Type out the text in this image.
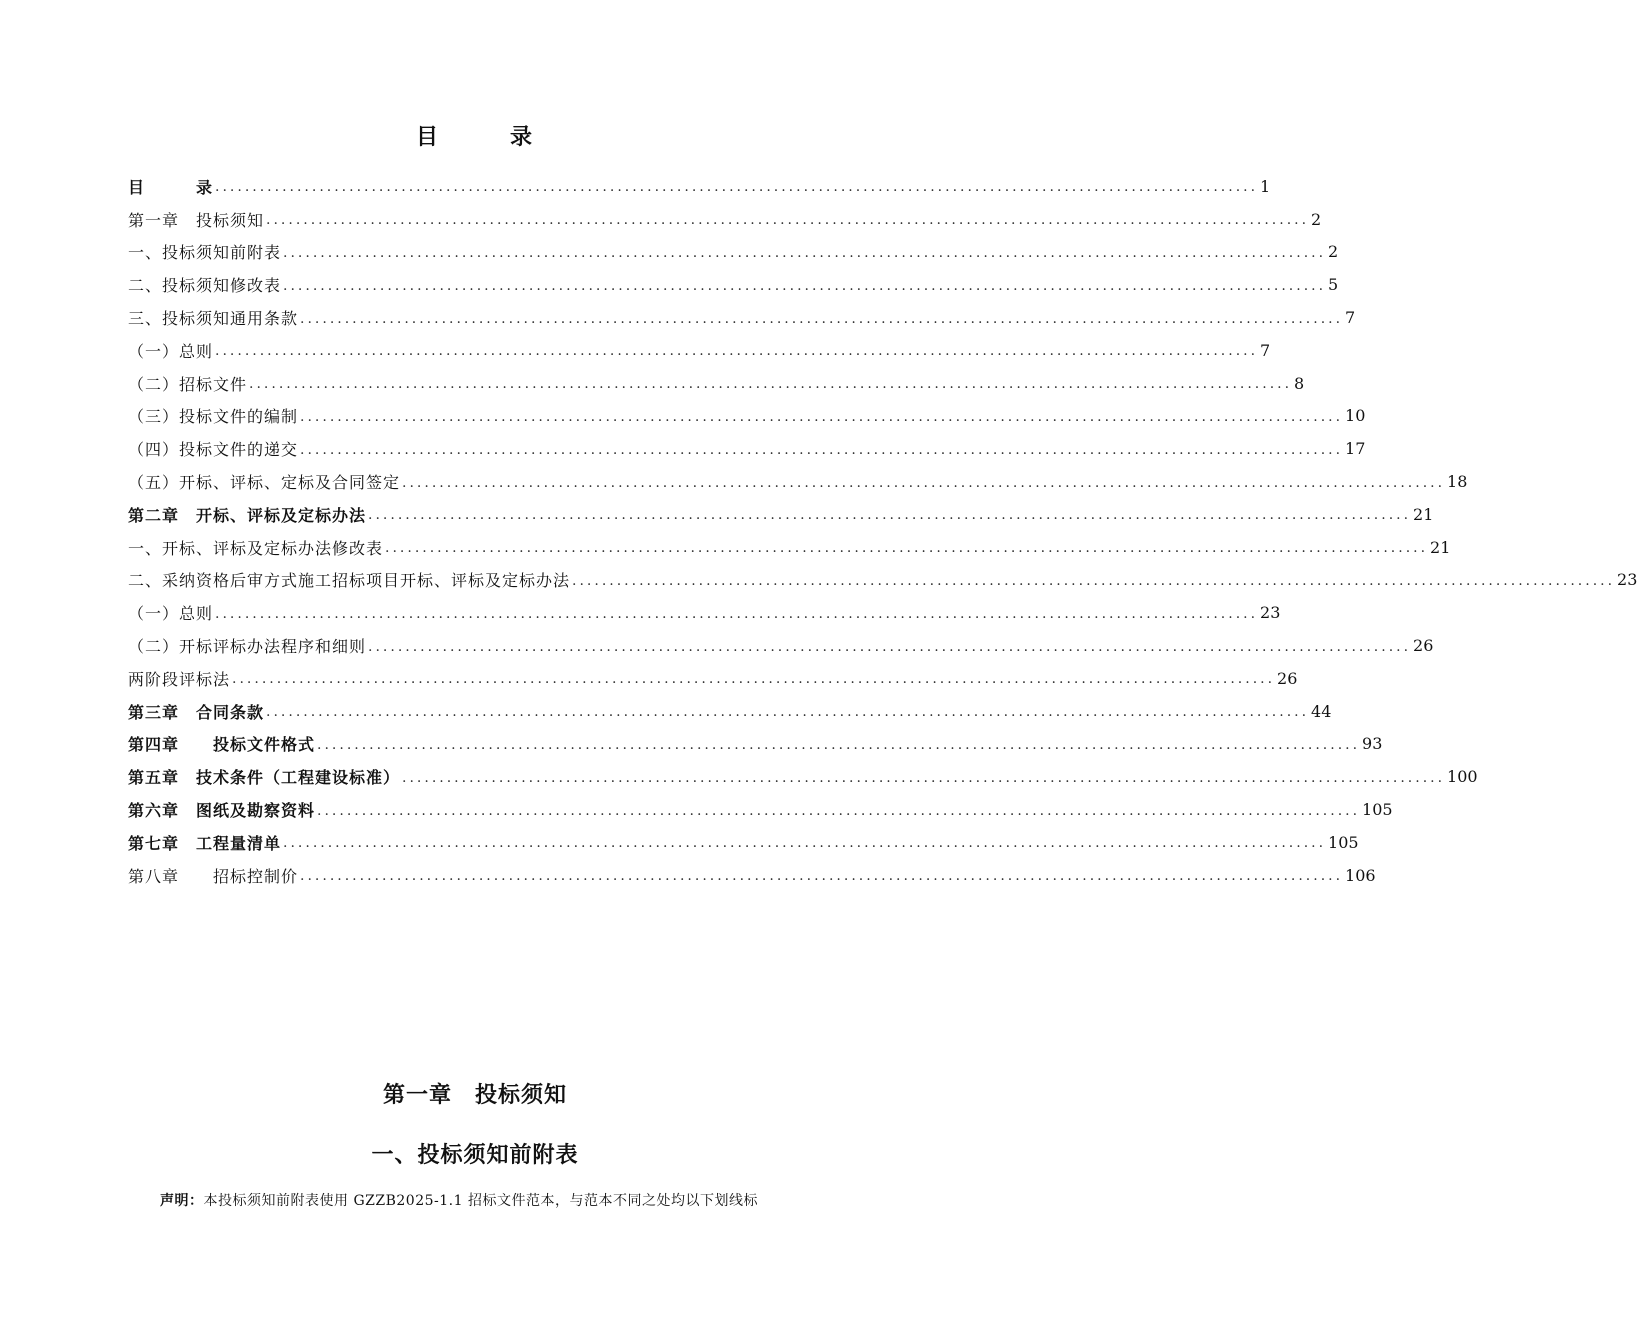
目	录
目　　　录 ............................................................................................................................................ 1
第一章　投标须知 ............................................................................................................................................ 2
一、投标须知前附表 ............................................................................................................................................ 2
二、投标须知修改表 ............................................................................................................................................ 5
三、投标须知通用条款 ............................................................................................................................................ 7
（一）总则 ............................................................................................................................................ 7
（二）招标文件 ............................................................................................................................................ 8
（三）投标文件的编制 ............................................................................................................................................ 10
（四）投标文件的递交 ............................................................................................................................................ 17
（五）开标、评标、定标及合同签定 ............................................................................................................................................ 18
第二章　开标、评标及定标办法 ............................................................................................................................................ 21
一、开标、评标及定标办法修改表 ............................................................................................................................................ 21
二、采纳资格后审方式施工招标项目开标、评标及定标办法 ............................................................................................................................................ 23
（一）总则 ............................................................................................................................................ 23
（二）开标评标办法程序和细则 ............................................................................................................................................ 26
两阶段评标法 ............................................................................................................................................ 26
第三章　合同条款 ............................................................................................................................................ 44
第四章　　投标文件格式 ............................................................................................................................................ 93
第五章　技术条件（工程建设标准） ............................................................................................................................................ 100
第六章　图纸及勘察资料 ............................................................................................................................................ 105
第七章　工程量清单 ............................................................................................................................................ 105
第八章　　招标控制价 ............................................................................................................................................ 106
第一章　投标须知
一、投标须知前附表
声明：本投标须知前附表使用 GZZB2025-1.1 招标文件范本，与范本不同之处均以下划线标
